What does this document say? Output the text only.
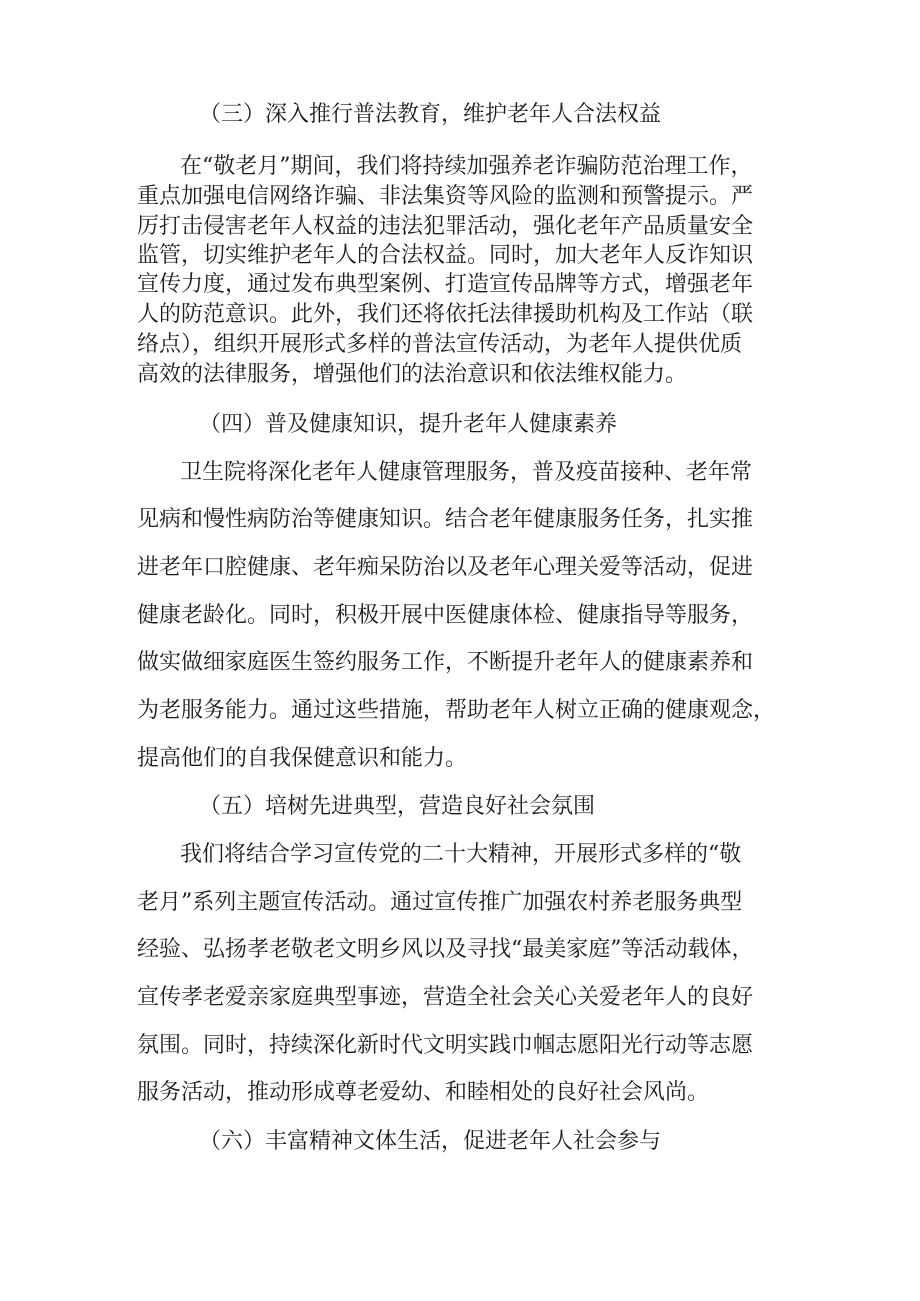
（三）深入推行普法教育，维护老年人合法权益
在“敬老月”期间，我们将持续加强养老诈骗防范治理工作，
重点加强电信网络诈骗、非法集资等风险的监测和预警提示。严
厉打击侵害老年人权益的违法犯罪活动，强化老年产品质量安全
监管，切实维护老年人的合法权益。同时，加大老年人反诈知识
宣传力度，通过发布典型案例、打造宣传品牌等方式，增强老年
人的防范意识。此外，我们还将依托法律援助机构及工作站（联
络点），组织开展形式多样的普法宣传活动，为老年人提供优质
高效的法律服务，增强他们的法治意识和依法维权能力。
（四）普及健康知识，提升老年人健康素养
卫生院将深化老年人健康管理服务，普及疫苗接种、老年常
见病和慢性病防治等健康知识。结合老年健康服务任务，扎实推
进老年口腔健康、老年痴呆防治以及老年心理关爱等活动，促进
健康老龄化。同时，积极开展中医健康体检、健康指导等服务，
做实做细家庭医生签约服务工作，不断提升老年人的健康素养和
为老服务能力。通过这些措施，帮助老年人树立正确的健康观念，
提高他们的自我保健意识和能力。
（五）培树先进典型，营造良好社会氛围
我们将结合学习宣传党的二十大精神，开展形式多样的“敬
老月”系列主题宣传活动。通过宣传推广加强农村养老服务典型
经验、弘扬孝老敬老文明乡风以及寻找“最美家庭”等活动载体，
宣传孝老爱亲家庭典型事迹，营造全社会关心关爱老年人的良好
氛围。同时，持续深化新时代文明实践巾帼志愿阳光行动等志愿
服务活动，推动形成尊老爱幼、和睦相处的良好社会风尚。
（六）丰富精神文体生活，促进老年人社会参与
